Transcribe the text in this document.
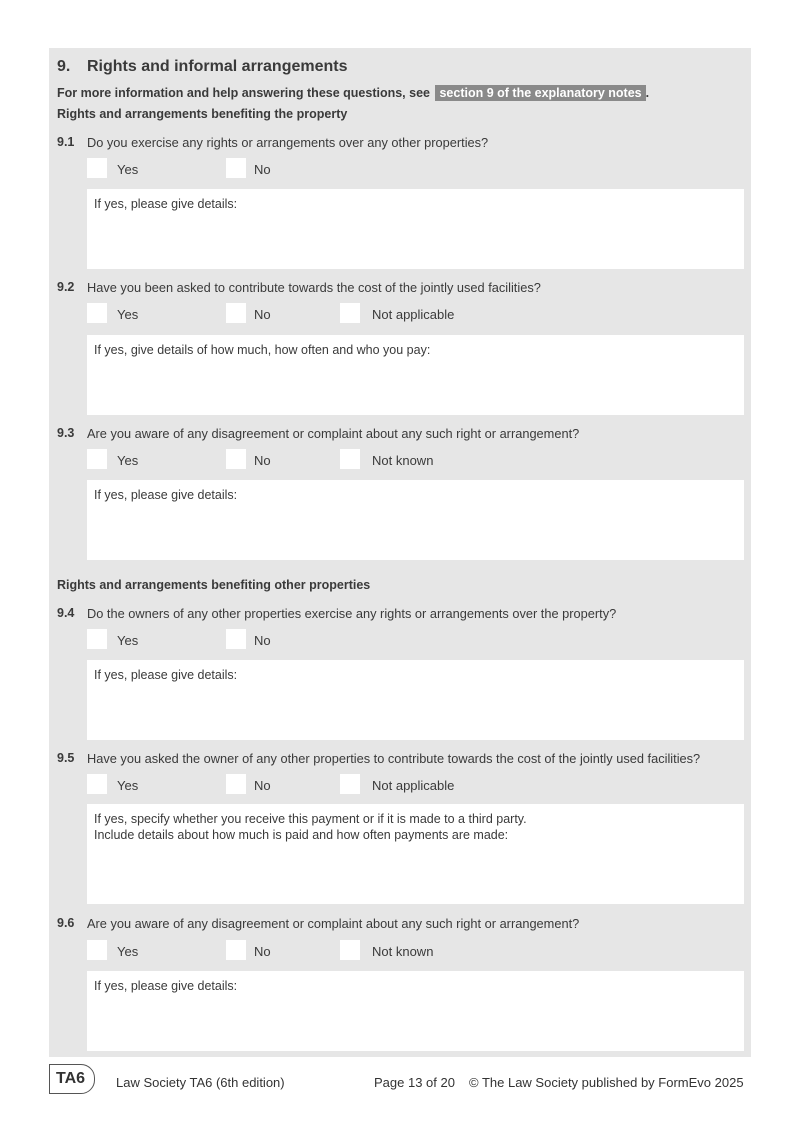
9. Rights and informal arrangements
For more information and help answering these questions, see section 9 of the explanatory notes .
Rights and arrangements benefiting the property
9.1 Do you exercise any rights or arrangements over any other properties?
Yes	No
If yes, please give details:
9.2 Have you been asked to contribute towards the cost of the jointly used facilities?
Yes	No	Not applicable
If yes, give details of how much, how often and who you pay:
9.3 Are you aware of any disagreement or complaint about any such right or arrangement?
Yes	No	Not known
If yes, please give details:
Rights and arrangements benefiting other properties
9.4 Do the owners of any other properties exercise any rights or arrangements over the property?
Yes	No
If yes, please give details:
9.5 Have you asked the owner of any other properties to contribute towards the cost of the jointly used facilities?
Yes	No	Not applicable
If yes, specify whether you receive this payment or if it is made to a third party.
Include details about how much is paid and how often payments are made:
9.6 Are you aware of any disagreement or complaint about any such right or arrangement?
Yes	No	Not known
If yes, please give details:
TA6	Law Society TA6 (6th edition)	Page 13 of 20 © The Law Society published by FormEvo 2025
